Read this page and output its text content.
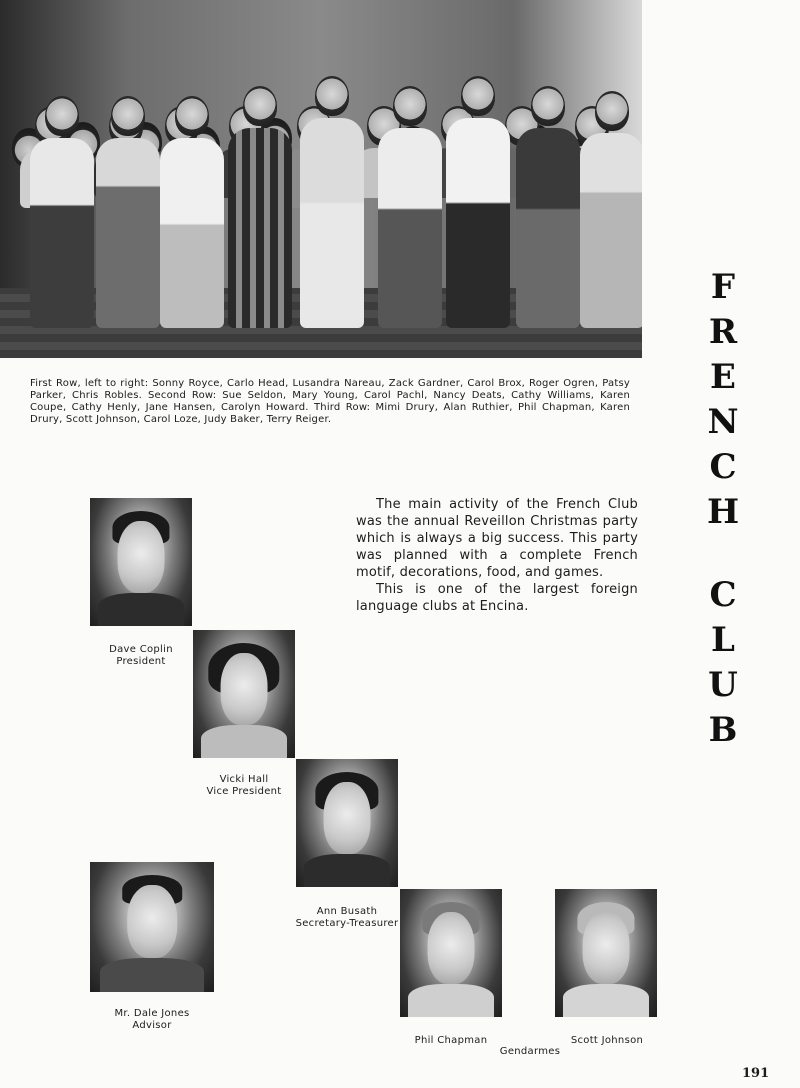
First Row, left to right: Sonny Royce, Carlo Head, Lusandra Nareau, Zack Gardner, Carol Brox, Roger Ogren, Patsy Parker, Chris Robles. Second Row: Sue Seldon, Mary Young, Carol Pachl, Nancy Deats, Cathy Williams, Karen Coupe, Cathy Henly, Jane Hansen, Carolyn Howard. Third Row: Mimi Drury, Alan Ruthier, Phil Chapman, Karen Drury, Scott Johnson, Carol Loze, Judy Baker, Terry Reiger.

The main activity of the French Club was the annual Reveillon Christmas party which is always a big success. This party was planned with a complete French motif, decorations, food, and games.

This is one of the largest foreign language clubs at Encina.

F
R
E
N
C
H
C
L
U
B
Dave Coplin
President
Vicki Hall
Vice President
Ann Busath
Secretary-Treasurer
Mr. Dale Jones
Advisor
Phil Chapman	Scott Johnson
Gendarmes
191
